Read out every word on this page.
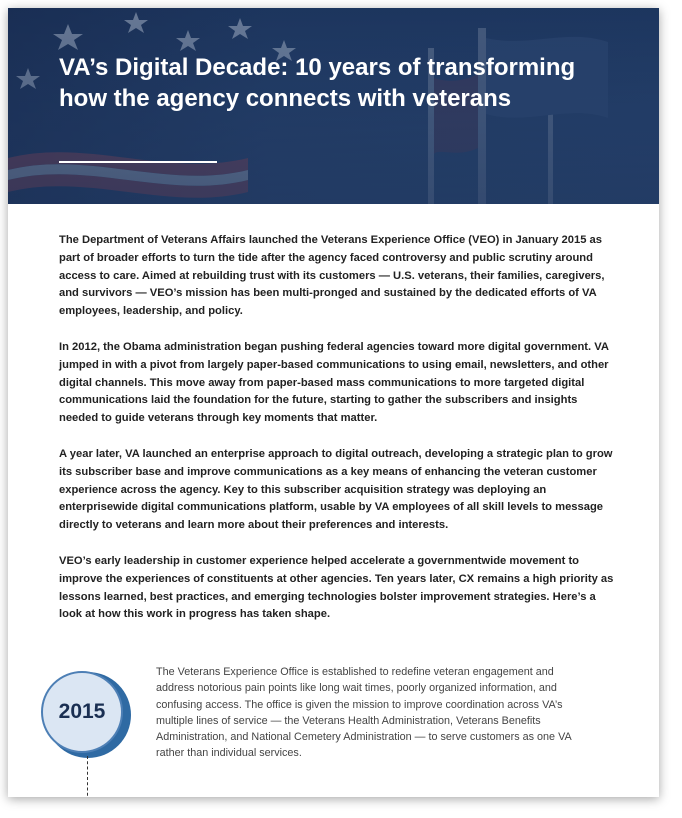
VA’s Digital Decade: 10 years of transforming how the agency connects with veterans

The Department of Veterans Affairs launched the Veterans Experience Office (VEO) in January 2015 as part of broader efforts to turn the tide after the agency faced controversy and public scrutiny around access to care. Aimed at rebuilding trust with its customers — U.S. veterans, their families, caregivers, and survivors — VEO’s mission has been multi-pronged and sustained by the dedicated efforts of VA employees, leadership, and policy.

In 2012, the Obama administration began pushing federal agencies toward more digital government. VA jumped in with a pivot from largely paper-based communications to using email, newsletters, and other digital channels. This move away from paper-based mass communications to more targeted digital communications laid the foundation for the future, starting to gather the subscribers and insights needed to guide veterans through key moments that matter.

A year later, VA launched an enterprise approach to digital outreach, developing a strategic plan to grow its subscriber base and improve communications as a key means of enhancing the veteran customer experience across the agency. Key to this subscriber acquisition strategy was deploying an enterprisewide digital communications platform, usable by VA employees of all skill levels to message directly to veterans and learn more about their preferences and interests.

VEO’s early leadership in customer experience helped accelerate a governmentwide movement to improve the experiences of constituents at other agencies. Ten years later, CX remains a high priority as lessons learned, best practices, and emerging technologies bolster improvement strategies. Here’s a look at how this work in progress has taken shape.

2015

The Veterans Experience Office is established to redefine veteran engagement and address notorious pain points like long wait times, poorly organized information, and confusing access. The office is given the mission to improve coordination across VA’s multiple lines of service — the Veterans Health Administration, Veterans Benefits Administration, and National Cemetery Administration — to serve customers as one VA rather than individual services.
